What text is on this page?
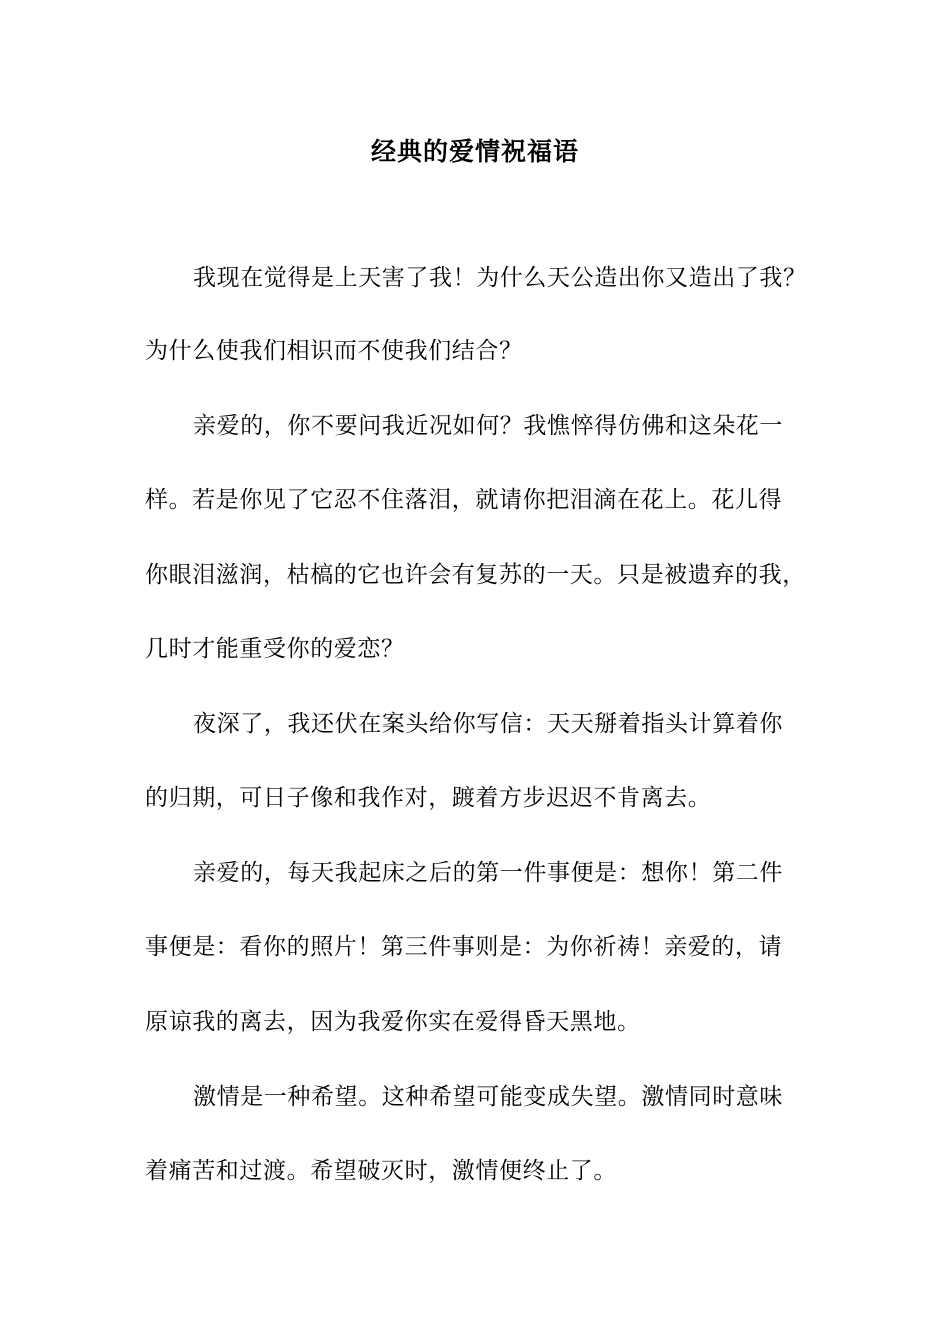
经典的爱情祝福语
我现在觉得是上天害了我！为什么天公造出你又造出了我？
为什么使我们相识而不使我们结合？
亲爱的，你不要问我近况如何？我憔悴得仿佛和这朵花一
样。若是你见了它忍不住落泪，就请你把泪滴在花上。花儿得
你眼泪滋润，枯槁的它也许会有复苏的一天。只是被遗弃的我，
几时才能重受你的爱恋？
夜深了，我还伏在案头给你写信：天天掰着指头计算着你
的归期，可日子像和我作对，踱着方步迟迟不肯离去。
亲爱的，每天我起床之后的第一件事便是：想你！第二件
事便是：看你的照片！第三件事则是：为你祈祷！亲爱的，请
原谅我的离去，因为我爱你实在爱得昏天黑地。
激情是一种希望。这种希望可能变成失望。激情同时意味
着痛苦和过渡。希望破灭时，激情便终止了。
